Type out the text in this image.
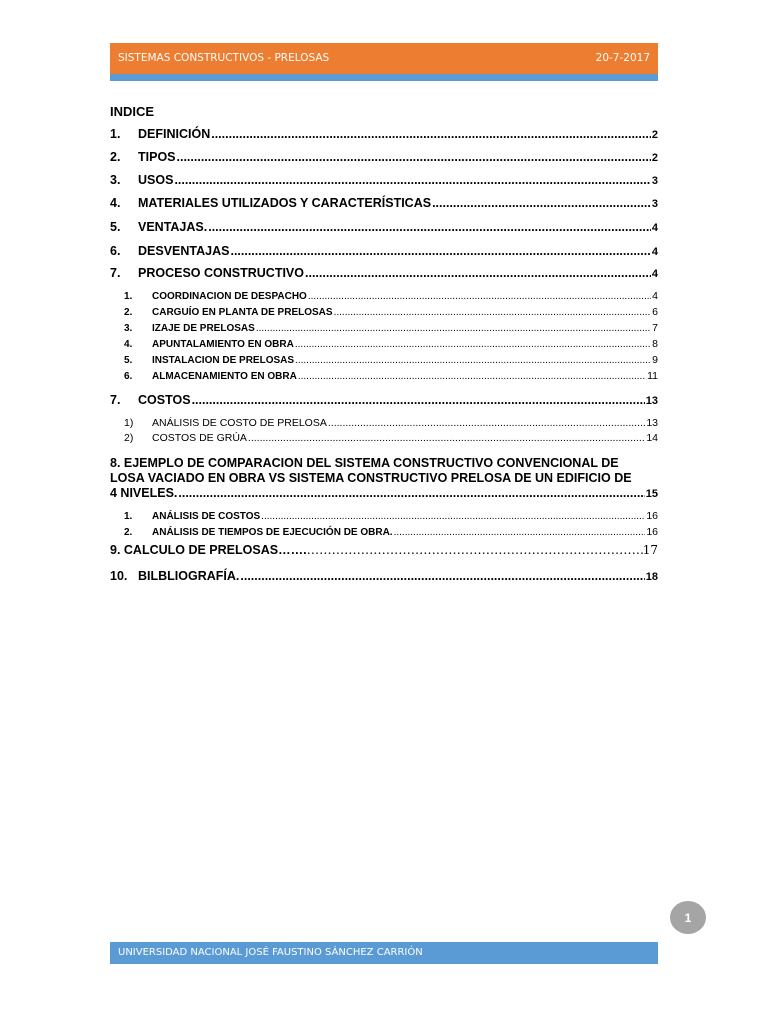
SISTEMAS CONSTRUCTIVOS - PRELOSAS	20-7-2017
INDICE
1.	DEFINICIÓN .....	2
2.	TIPOS .....	2
3.	USOS .....	3
4.	MATERIALES UTILIZADOS Y CARACTERÍSTICAS .....	3
5.	VENTAJAS. .....	4
6.	DESVENTAJAS .....	4
7.	PROCESO CONSTRUCTIVO .....	4
1.	COORDINACION DE DESPACHO .....	4
2.	CARGUÍO EN PLANTA DE PRELOSAS .....	6
3.	IZAJE DE PRELOSAS .....	7
4.	APUNTALAMIENTO EN OBRA .....	8
5.	INSTALACION DE PRELOSAS .....	9
6.	ALMACENAMIENTO EN OBRA .....	11
7.	COSTOS .....	13
1)	ANÁLISIS DE COSTO DE PRELOSA .....	13
2)	COSTOS DE GRÚA .....	14
8. EJEMPLO DE COMPARACION DEL SISTEMA CONSTRUCTIVO CONVENCIONAL DE
LOSA VACIADO EN OBRA VS SISTEMA CONSTRUCTIVO PRELOSA DE UN EDIFICIO DE
4 NIVELES. .....	15
1.	ANÁLISIS DE COSTOS .....	16
2.	ANÁLISIS DE TIEMPOS DE EJECUCIÓN DE OBRA. .....	16
9. CALCULO DE PRELOSAS ……. ……………………………………………………………………………………………………………………………………	17
10. BILBLIOGRAFÍA. .....	18
1
UNIVERSIDAD NACIONAL JOSÉ FAUSTINO SÁNCHEZ CARRIÓN
